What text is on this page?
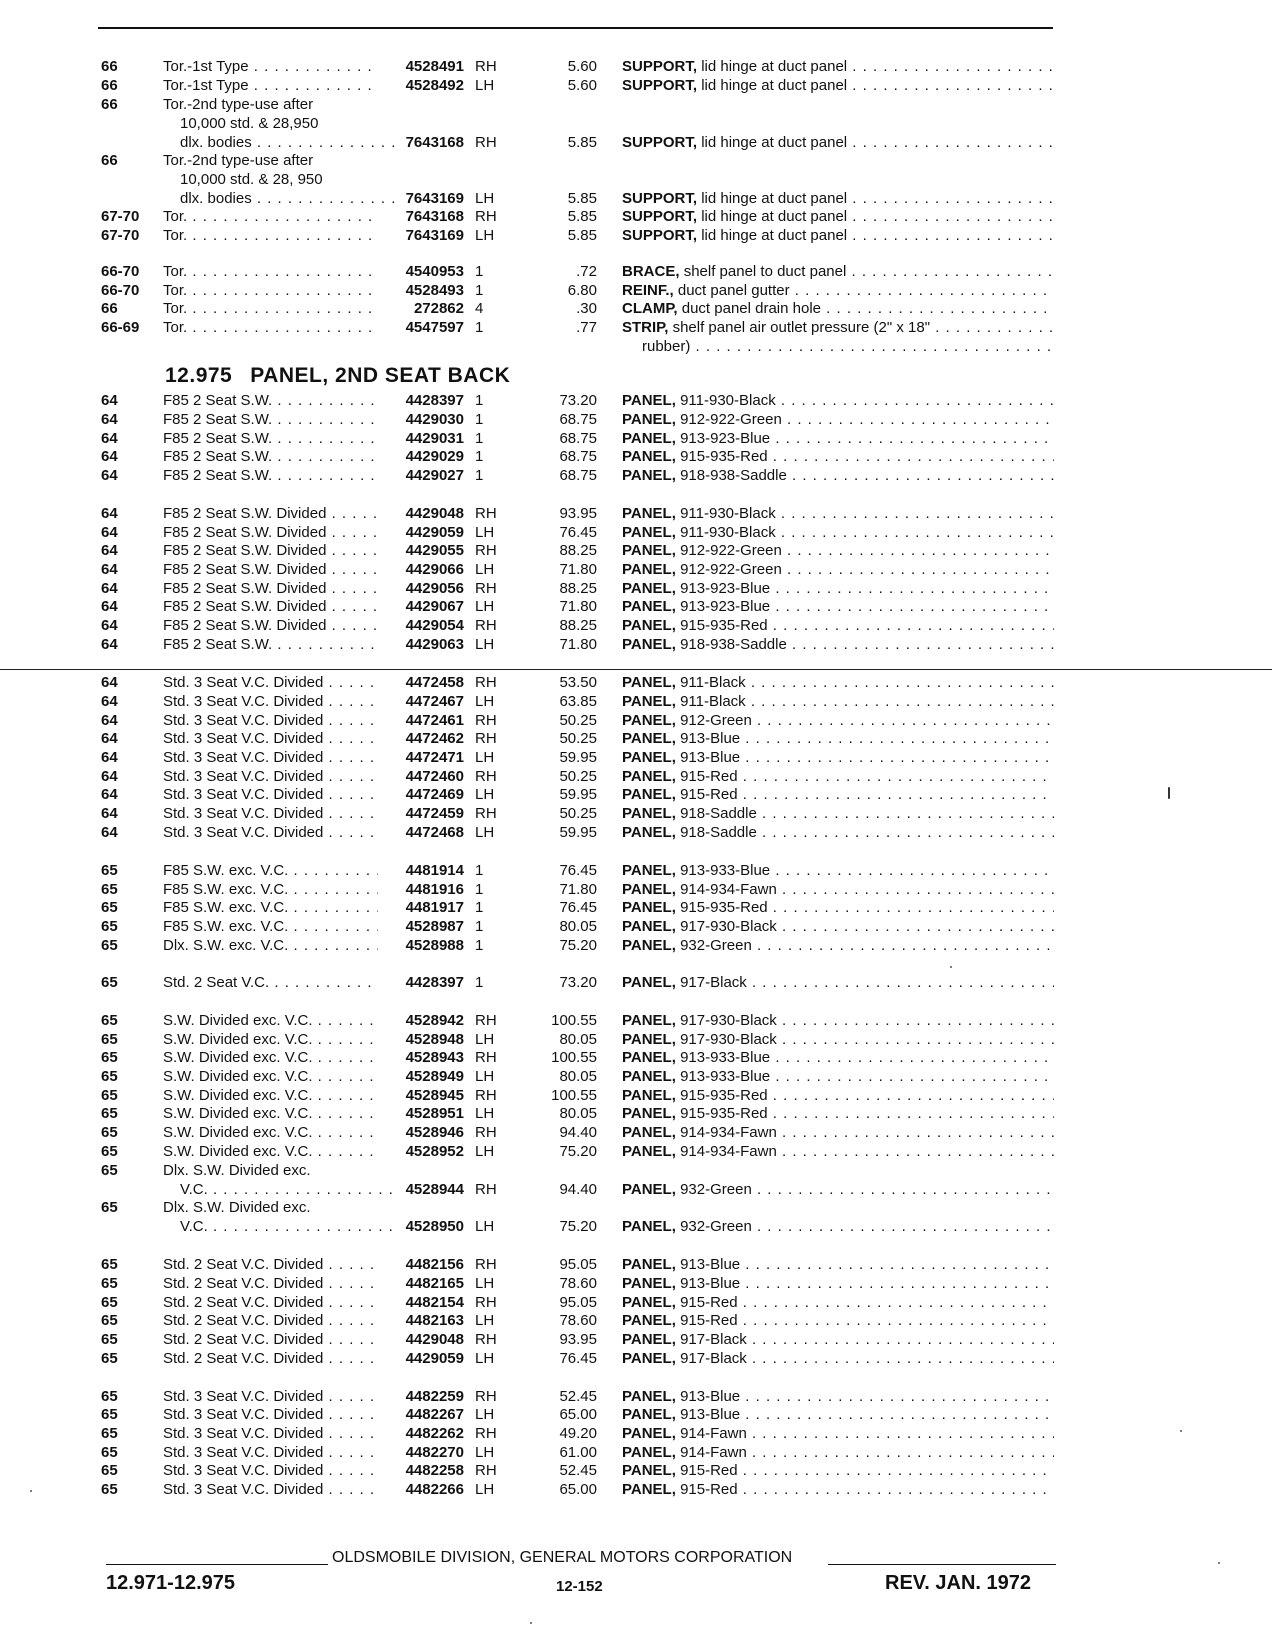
12.975 PANEL, 2ND SEAT BACK
66	Tor.-1st Type . . .	4528491 RH	5.60 SUPPORT, lid hinge at duct panel . . .
66	Tor.-1st Type . . .	4528492 LH	5.60 SUPPORT, lid hinge at duct panel . . .
66	Tor.-2nd type-use after
10,000 std. & 28,950
dlx. bodies . . .	7643168 RH	5.85 SUPPORT, lid hinge at duct panel . . .
66	Tor.-2nd type-use after
10,000 std. & 28, 950
dlx. bodies . . .	7643169 LH	5.85 SUPPORT, lid hinge at duct panel . . .
67-70 Tor. . . .	7643168 RH	5.85 SUPPORT, lid hinge at duct panel . . .
67-70 Tor. . . .	7643169 LH	5.85 SUPPORT, lid hinge at duct panel . . .
66-70 Tor. . . .	4540953 1	.72 BRACE, shelf panel to duct panel . . .
66-70 Tor. . . .	4528493 1	6.80 REINF., duct panel gutter . . .
66	Tor. . . .	272862 4	.30 CLAMP, duct panel drain hole . . .
66-69 Tor. . . .	4547597 1	.77 STRIP, shelf panel air outlet pressure (2" x 18" . . .
rubber) . . .
64	F85 2 Seat S.W. . . .	4428397 1	73.20 PANEL, 911-930-Black . . .
64	F85 2 Seat S.W. . . .	4429030 1	68.75 PANEL, 912-922-Green . . .
64	F85 2 Seat S.W. . . .	4429031 1	68.75 PANEL, 913-923-Blue . . .
64	F85 2 Seat S.W. . . .	4429029 1	68.75 PANEL, 915-935-Red . . .
64	F85 2 Seat S.W. . . .	4429027 1	68.75 PANEL, 918-938-Saddle . . .
64	F85 2 Seat S.W. Divided . . .	4429048 RH	93.95 PANEL, 911-930-Black . . .
64	F85 2 Seat S.W. Divided . . .	4429059 LH	76.45 PANEL, 911-930-Black . . .
64	F85 2 Seat S.W. Divided . . .	4429055 RH	88.25 PANEL, 912-922-Green . . .
64	F85 2 Seat S.W. Divided . . .	4429066 LH	71.80 PANEL, 912-922-Green . . .
64	F85 2 Seat S.W. Divided . . .	4429056 RH	88.25 PANEL, 913-923-Blue . . .
64	F85 2 Seat S.W. Divided . . .	4429067 LH	71.80 PANEL, 913-923-Blue . . .
64	F85 2 Seat S.W. Divided . . .	4429054 RH	88.25 PANEL, 915-935-Red . . .
64	F85 2 Seat S.W. . . .	4429063 LH	71.80 PANEL, 918-938-Saddle . . .
64	Std. 3 Seat V.C. Divided . . .	4472458 RH	53.50 PANEL, 911-Black . . .
64	Std. 3 Seat V.C. Divided . . .	4472467 LH	63.85 PANEL, 911-Black . . .
64	Std. 3 Seat V.C. Divided . . .	4472461 RH	50.25 PANEL, 912-Green . . .
64	Std. 3 Seat V.C. Divided . . .	4472462 RH	50.25 PANEL, 913-Blue . . .
64	Std. 3 Seat V.C. Divided . . .	4472471 LH	59.95 PANEL, 913-Blue . . .
64	Std. 3 Seat V.C. Divided . . .	4472460 RH	50.25 PANEL, 915-Red . . .
64	Std. 3 Seat V.C. Divided . . .	4472469 LH	59.95 PANEL, 915-Red . . .
64	Std. 3 Seat V.C. Divided . . .	4472459 RH	50.25 PANEL, 918-Saddle . . .
64	Std. 3 Seat V.C. Divided . . .	4472468 LH	59.95 PANEL, 918-Saddle . . .
65	F85 S.W. exc. V.C. . . .	4481914 1	76.45 PANEL, 913-933-Blue . . .
65	F85 S.W. exc. V.C. . . .	4481916 1	71.80 PANEL, 914-934-Fawn . . .
65	F85 S.W. exc. V.C. . . .	4481917 1	76.45 PANEL, 915-935-Red . . .
65	F85 S.W. exc. V.C. . . .	4528987 1	80.05 PANEL, 917-930-Black . . .
65	Dlx. S.W. exc. V.C. . . .	4528988 1	75.20 PANEL, 932-Green . . .
65	Std. 2 Seat V.C. . . .	4428397 1	73.20 PANEL, 917-Black . . .
65	S.W. Divided exc. V.C. . . .	4528942 RH	100.55 PANEL, 917-930-Black . . .
65	S.W. Divided exc. V.C. . . .	4528948 LH	80.05 PANEL, 917-930-Black . . .
65	S.W. Divided exc. V.C. . . .	4528943 RH	100.55 PANEL, 913-933-Blue . . .
65	S.W. Divided exc. V.C. . . .	4528949 LH	80.05 PANEL, 913-933-Blue . . .
65	S.W. Divided exc. V.C. . . .	4528945 RH	100.55 PANEL, 915-935-Red . . .
65	S.W. Divided exc. V.C. . . .	4528951 LH	80.05 PANEL, 915-935-Red . . .
65	S.W. Divided exc. V.C. . . .	4528946 RH	94.40 PANEL, 914-934-Fawn . . .
65	S.W. Divided exc. V.C. . . .	4528952 LH	75.20 PANEL, 914-934-Fawn . . .
65	Dlx. S.W. Divided exc.
V.C. . . .	4528944 RH	94.40 PANEL, 932-Green . . .
65	Dlx. S.W. Divided exc.
V.C. . . .	4528950 LH	75.20 PANEL, 932-Green . . .
65	Std. 2 Seat V.C. Divided . . .	4482156 RH	95.05 PANEL, 913-Blue . . .
65	Std. 2 Seat V.C. Divided . . .	4482165 LH	78.60 PANEL, 913-Blue . . .
65	Std. 2 Seat V.C. Divided . . .	4482154 RH	95.05 PANEL, 915-Red . . .
65	Std. 2 Seat V.C. Divided . . .	4482163 LH	78.60 PANEL, 915-Red . . .
65	Std. 2 Seat V.C. Divided . . .	4429048 RH	93.95 PANEL, 917-Black . . .
65	Std. 2 Seat V.C. Divided . . .	4429059 LH	76.45 PANEL, 917-Black . . .
65	Std. 3 Seat V.C. Divided . . .	4482259 RH	52.45 PANEL, 913-Blue . . .
65	Std. 3 Seat V.C. Divided . . .	4482267 LH	65.00 PANEL, 913-Blue . . .
65	Std. 3 Seat V.C. Divided . . .	4482262 RH	49.20 PANEL, 914-Fawn . . .
65	Std. 3 Seat V.C. Divided . . .	4482270 LH	61.00 PANEL, 914-Fawn . . .
65	Std. 3 Seat V.C. Divided . . .	4482258 RH	52.45 PANEL, 915-Red . . .
65	Std. 3 Seat V.C. Divided . . .	4482266 LH	65.00 PANEL, 915-Red . . .
OLDSMOBILE DIVISION, GENERAL MOTORS CORPORATION
12.971-12.975	12-152	REV. JAN. 1972
